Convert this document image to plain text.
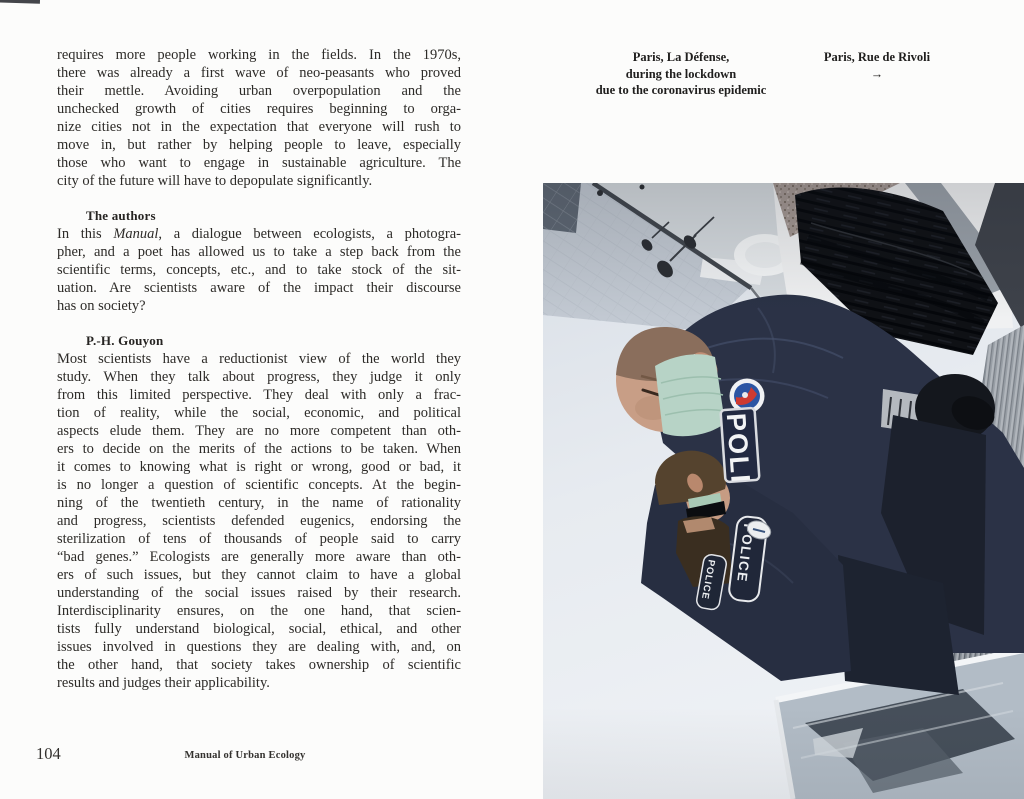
requires more people working in the fields. In the 1970s,
there was already a first wave of neo-peasants who proved
their mettle. Avoiding urban overpopulation and the
unchecked growth of cities requires beginning to orga-
nize cities not in the expectation that everyone will rush to
move in, but rather by helping people to leave, especially
those who want to engage in sustainable agriculture. The
city of the future will have to depopulate significantly.
The authors
In this Manual, a dialogue between ecologists, a photogra-
pher, and a poet has allowed us to take a step back from the
scientific terms, concepts, etc., and to take stock of the sit-
uation. Are scientists aware of the impact their discourse
has on society?
P.-H. Gouyon
Most scientists have a reductionist view of the world they
study. When they talk about progress, they judge it only
from this limited perspective. They deal with only a frac-
tion of reality, while the social, economic, and political
aspects elude them. They are no more competent than oth-
ers to decide on the merits of the actions to be taken. When
it comes to knowing what is right or wrong, good or bad, it
is no longer a question of scientific concepts. At the begin-
ning of the twentieth century, in the name of rationality
and progress, scientists defended eugenics, endorsing the
sterilization of tens of thousands of people said to carry
“bad genes.” Ecologists are generally more aware than oth-
ers of such issues, but they cannot claim to have a global
understanding of the social issues raised by their research.
Interdisciplinarity ensures, on the one hand, that scien-
tists fully understand biological, social, ethical, and other
issues involved in questions they are dealing with, and, on
the other hand, that society takes ownership of scientific
results and judges their applicability.
104	Manual of Urban Ecology
Paris, La Défense,
during the lockdown
due to the coronavirus epidemic
Paris, Rue de Rivoli
→
